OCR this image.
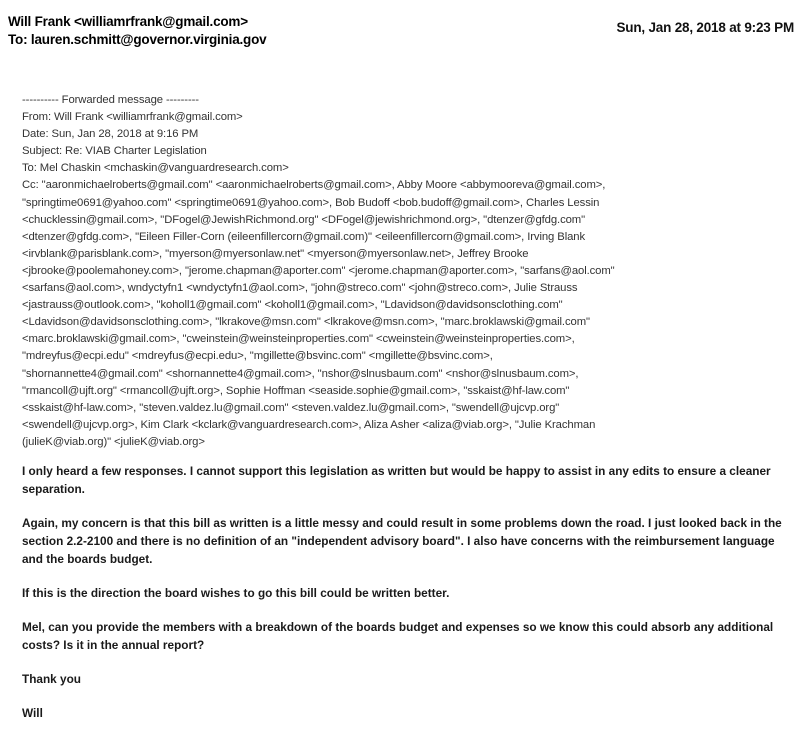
Will Frank <williamrfrank@gmail.com>
To: lauren.schmitt@governor.virginia.gov
Sun, Jan 28, 2018 at 9:23 PM
---------- Forwarded message ---------
From: Will Frank <williamrfrank@gmail.com>
Date: Sun, Jan 28, 2018 at 9:16 PM
Subject: Re: VIAB Charter Legislation
To: Mel Chaskin <mchaskin@vanguardresearch.com>
Cc: "aaronmichaelroberts@gmail.com" <aaronmichaelroberts@gmail.com>, Abby Moore <abbymooreva@gmail.com>,
"springtime0691@yahoo.com" <springtime0691@yahoo.com>, Bob Budoff <bob.budoff@gmail.com>, Charles Lessin
<chucklessin@gmail.com>, "DFogel@JewishRichmond.org" <DFogel@jewishrichmond.org>, "dtenzer@gfdg.com"
<dtenzer@gfdg.com>, "Eileen Filler-Corn (eileenfillercorn@gmail.com)" <eileenfillercorn@gmail.com>, Irving Blank
<irvblank@parisblank.com>, "myerson@myersonlaw.net" <myerson@myersonlaw.net>, Jeffrey Brooke
<jbrooke@poolemahoney.com>, "jerome.chapman@aporter.com" <jerome.chapman@aporter.com>, "sarfans@aol.com"
<sarfans@aol.com>, wndyctyfn1 <wndyctyfn1@aol.com>, "john@streco.com" <john@streco.com>, Julie Strauss
<jastrauss@outlook.com>, "koholl1@gmail.com" <koholl1@gmail.com>, "Ldavidson@davidsonsclothing.com"
<Ldavidson@davidsonsclothing.com>, "lkrakove@msn.com" <lkrakove@msn.com>, "marc.broklawski@gmail.com"
<marc.broklawski@gmail.com>, "cweinstein@weinsteinproperties.com" <cweinstein@weinsteinproperties.com>,
"mdreyfus@ecpi.edu" <mdreyfus@ecpi.edu>, "mgillette@bsvinc.com" <mgillette@bsvinc.com>,
"shornannette4@gmail.com" <shornannette4@gmail.com>, "nshor@slnusbaum.com" <nshor@slnusbaum.com>,
"rmancoll@ujft.org" <rmancoll@ujft.org>, Sophie Hoffman <seaside.sophie@gmail.com>, "sskaist@hf-law.com"
<sskaist@hf-law.com>, "steven.valdez.lu@gmail.com" <steven.valdez.lu@gmail.com>, "swendell@ujcvp.org"
<swendell@ujcvp.org>, Kim Clark <kclark@vanguardresearch.com>, Aliza Asher <aliza@viab.org>, "Julie Krachman
(julieK@viab.org)" <julieK@viab.org>

I only heard a few responses. I cannot support this legislation as written but would be happy to assist in any edits to ensure a cleaner separation.

Again, my concern is that this bill as written is a little messy and could result in some problems down the road. I just looked back in the section 2.2-2100 and there is no definition of an "independent advisory board". I also have concerns with the reimbursement language and the boards budget.

If this is the direction the board wishes to go this bill could be written better.

Mel, can you provide the members with a breakdown of the boards budget and expenses so we know this could absorb any additional costs? Is it in the annual report?

Thank you

Will
